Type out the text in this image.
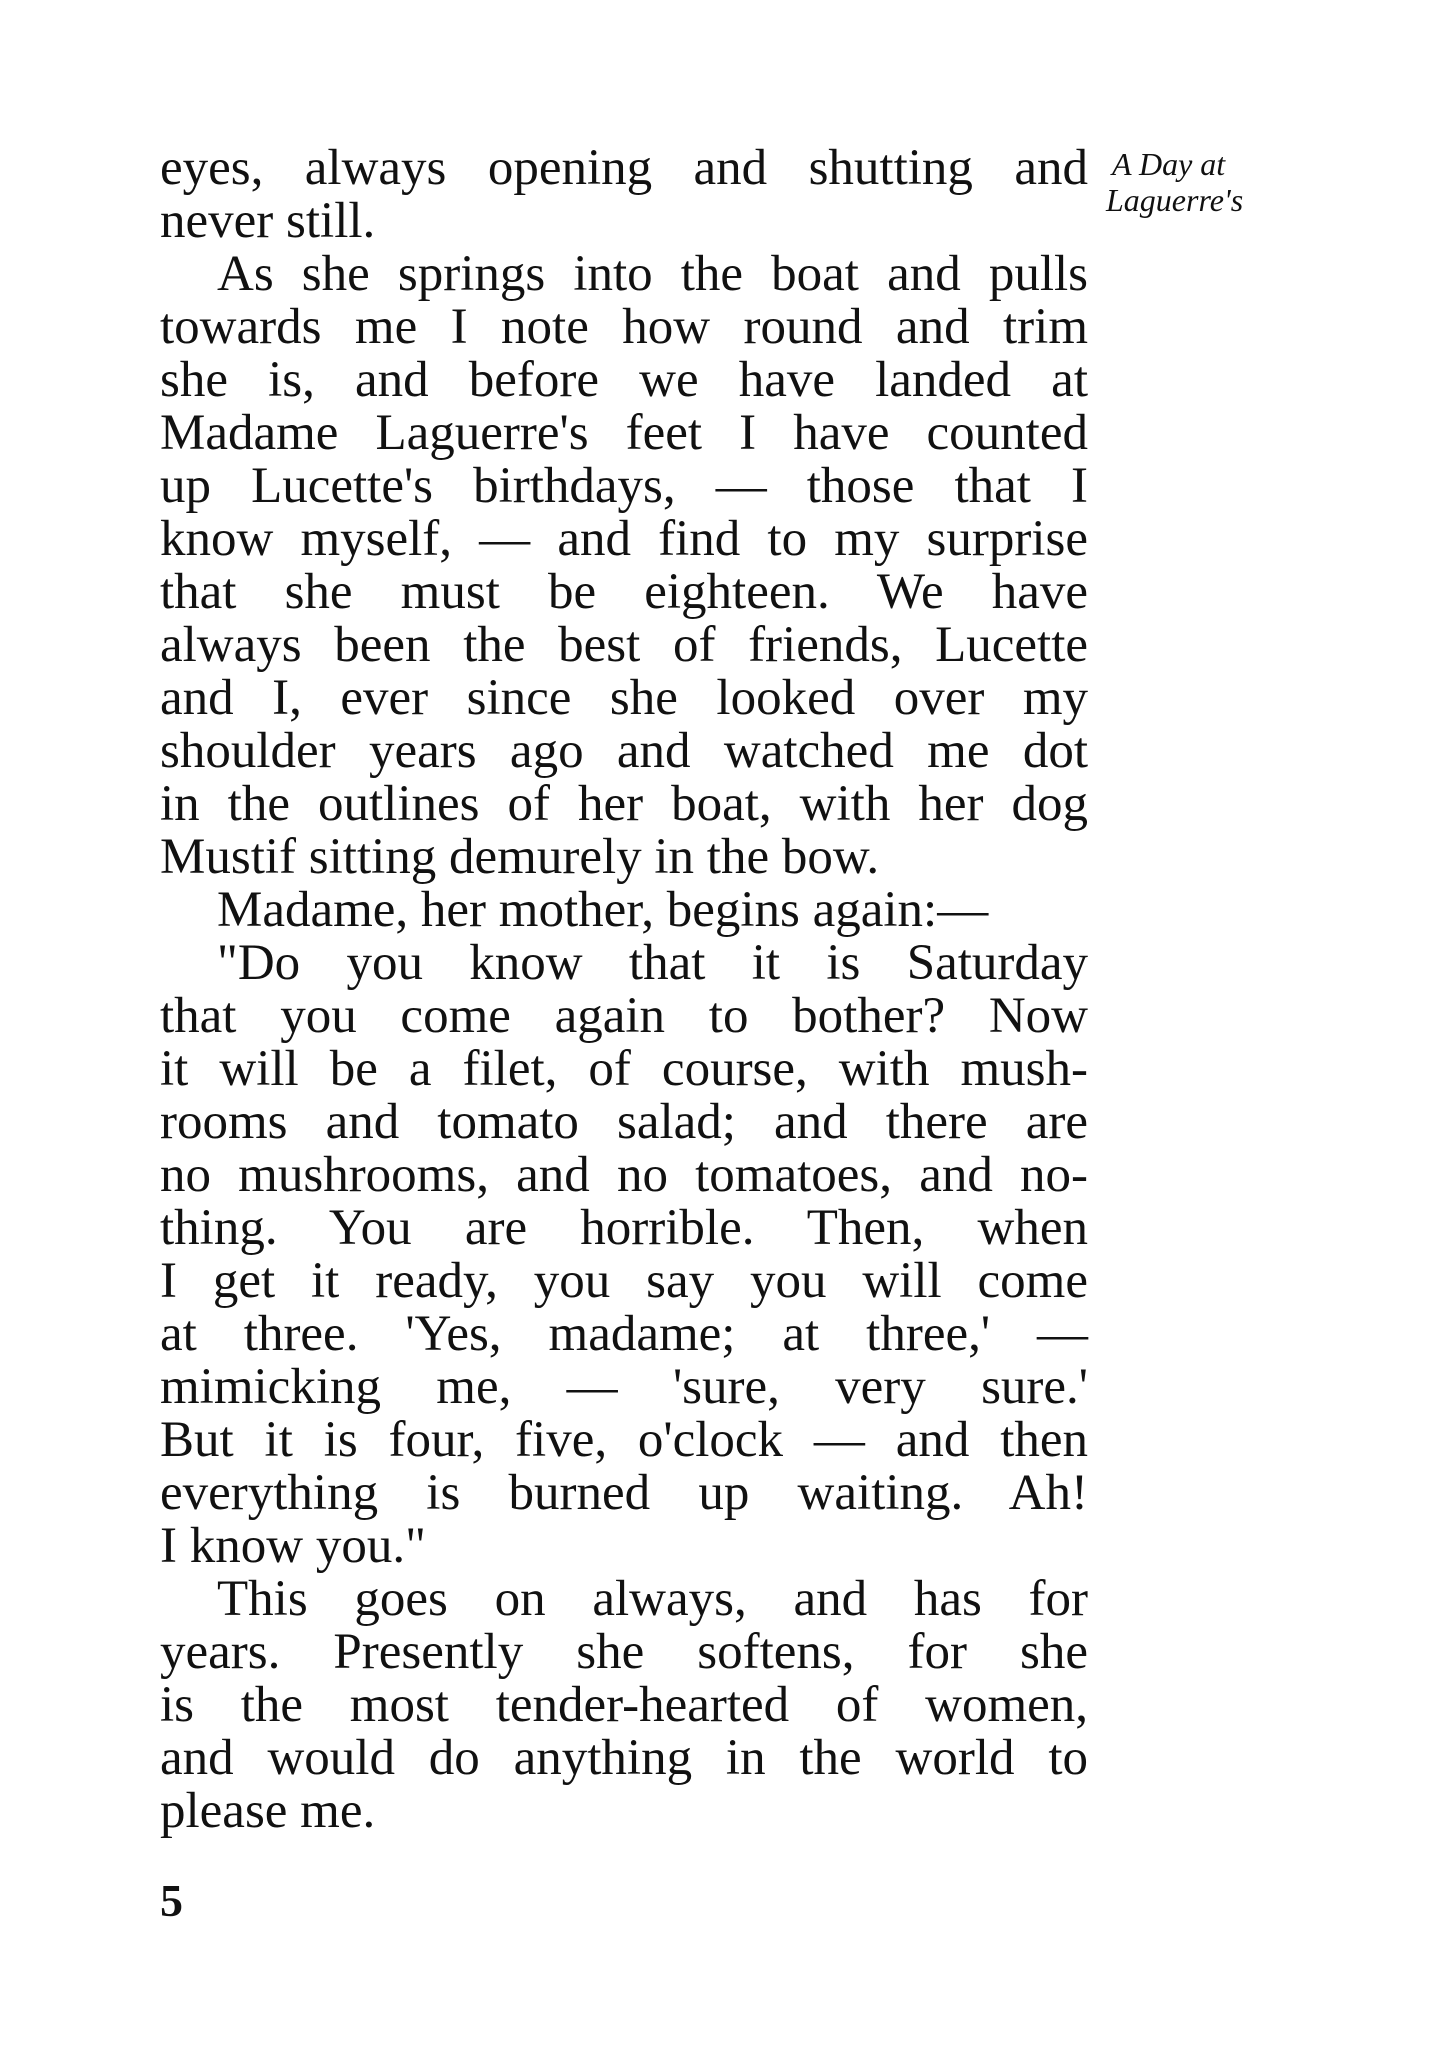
A Day at
Laguerre's
eyes, always opening and shutting and
never still.
As she springs into the boat and pulls
towards me I note how round and trim
she is, and before we have landed at
Madame Laguerre's feet I have counted
up Lucette's birthdays, — those that I
know myself, — and find to my surprise
that she must be eighteen. We have
always been the best of friends, Lucette
and I, ever since she looked over my
shoulder years ago and watched me dot
in the outlines of her boat, with her dog
Mustif sitting demurely in the bow.
Madame, her mother, begins again:—
"Do you know that it is Saturday
that you come again to bother? Now
it will be a filet, of course, with mush-
rooms and tomato salad; and there are
no mushrooms, and no tomatoes, and no-
thing. You are horrible. Then, when
I get it ready, you say you will come
at three. 'Yes, madame; at three,' —
mimicking me, — 'sure, very sure.'
But it is four, five, o'clock — and then
everything is burned up waiting. Ah!
I know you."
This goes on always, and has for
years. Presently she softens, for she
is the most tender-hearted of women,
and would do anything in the world to
please me.
5
